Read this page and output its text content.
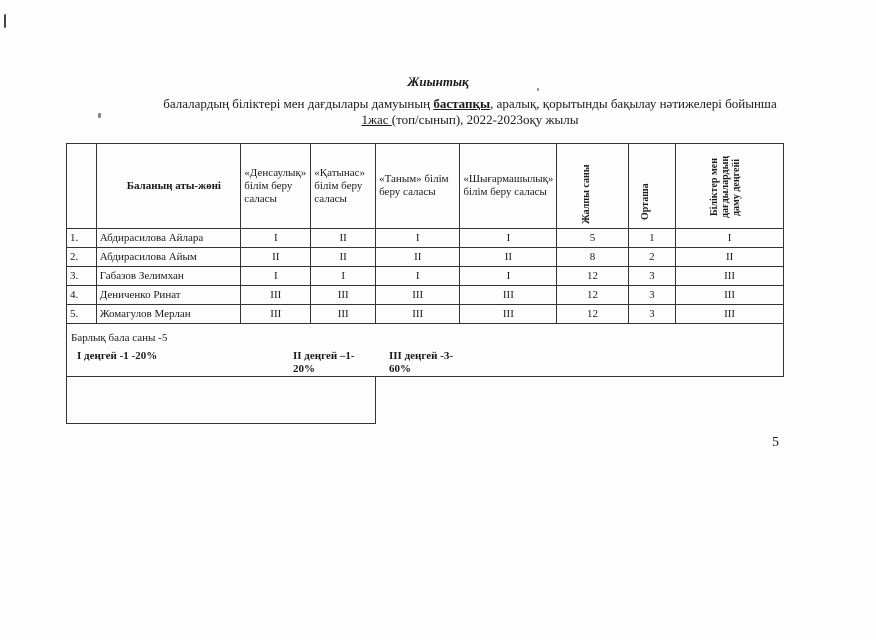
Жиынтық
балалардың біліктері мен дағдылары дамуының бастапқы, аралық, қорытынды бақылау нәтижелері бойынша
1жас (топ/сынып), 2022-2023оқу жылы
	Баланың аты-жөні	«Денсаулық» білім беру саласы	«Қатынас» білім беру саласы	«Таным» білім беру саласы	«Шығармашылық» білім беру саласы	Жалпы саны	Орташа	Біліктер мен дағдылардың даму деңгейі

1.	Абдирасилова Айлара	I	II	I	I	5	1	I
2.	Абдирасилова Айым	II	II	II	II	8	2	II
3.	Габазов Зелимхан	I	I	I	I	12	3	III
4.	Дениченко Ринат	III	III	III	III	12	3	III
5.	Жомагулов Мерлан	III	III	III	III	12	3	III

Барлық бала саны -5
I деңгей -1 -20% II деңгей –1-20%
III деңгей -3- 60%								

5
